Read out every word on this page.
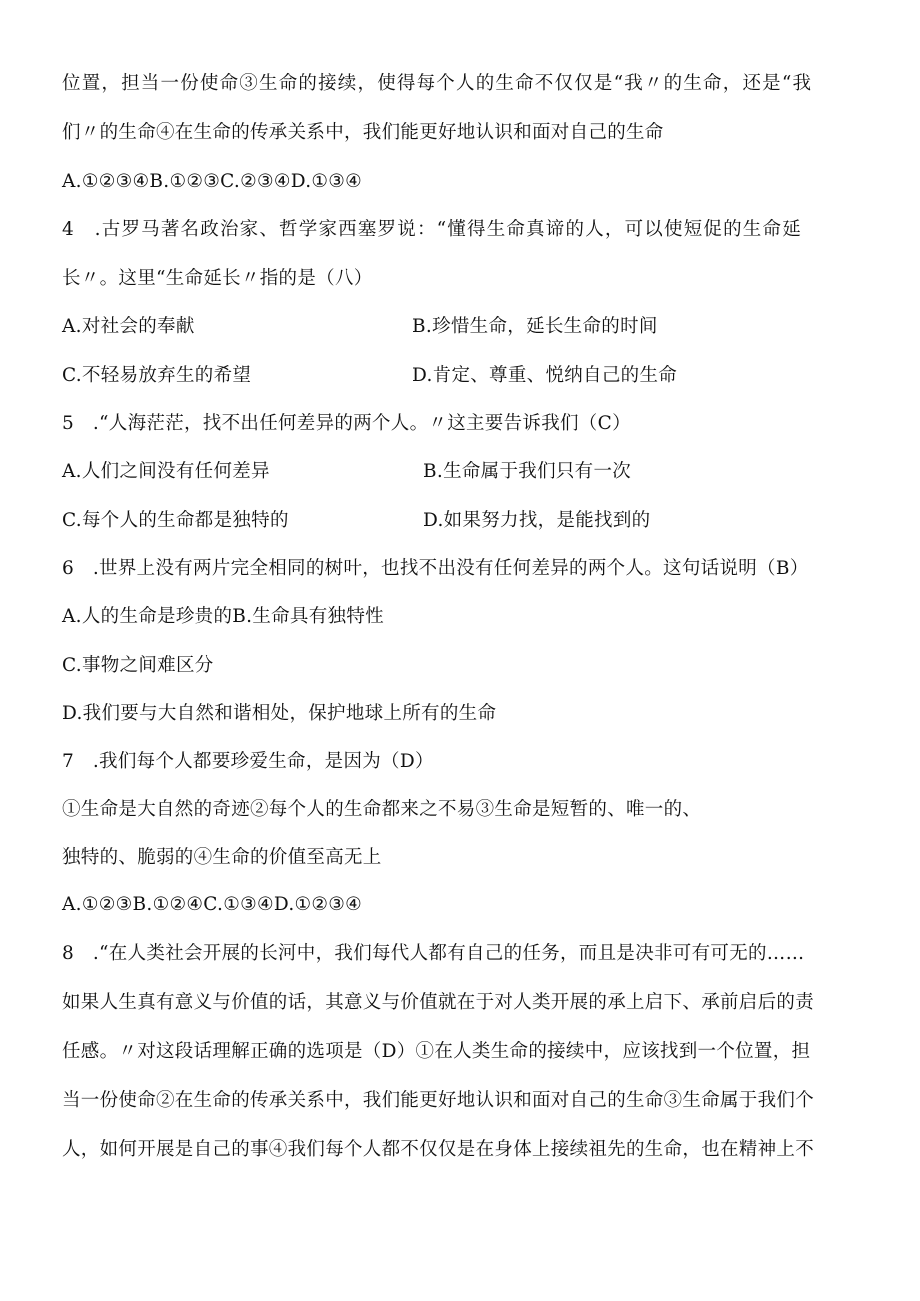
位置，担当一份使命③生命的接续，使得每个人的生命不仅仅是“我〃的生命，还是“我
们〃的生命④在生命的传承关系中，我们能更好地认识和面对自己的生命
A.①②③④B.①②③C.②③④D.①③④
4　.古罗马著名政治家、哲学家西塞罗说：“懂得生命真谛的人，可以使短促的生命延
长〃。这里“生命延长〃指的是（八）
A.对社会的奉献	B.珍惜生命，延长生命的时间
C.不轻易放弃生的希望	D.肯定、尊重、悦纳自己的生命
5　.“人海茫茫，找不出任何差异的两个人。〃这主要告诉我们（C）
A.人们之间没有任何差异	B.生命属于我们只有一次
C.每个人的生命都是独特的	D.如果努力找，是能找到的
6　.世界上没有两片完全相同的树叶，也找不出没有任何差异的两个人。这句话说明（B）
A.人的生命是珍贵的B.生命具有独特性
C.事物之间难区分
D.我们要与大自然和谐相处，保护地球上所有的生命
7　.我们每个人都要珍爱生命，是因为（D）
①生命是大自然的奇迹②每个人的生命都来之不易③生命是短暂的、唯一的、
独特的、脆弱的④生命的价值至高无上
A.①②③B.①②④C.①③④D.①②③④
8　.“在人类社会开展的长河中，我们每代人都有自己的任务，而且是决非可有可无的……
如果人生真有意义与价值的话，其意义与价值就在于对人类开展的承上启下、承前启后的责
任感。〃对这段话理解正确的选项是（D）①在人类生命的接续中，应该找到一个位置，担
当一份使命②在生命的传承关系中，我们能更好地认识和面对自己的生命③生命属于我们个
人，如何开展是自己的事④我们每个人都不仅仅是在身体上接续祖先的生命，也在精神上不
